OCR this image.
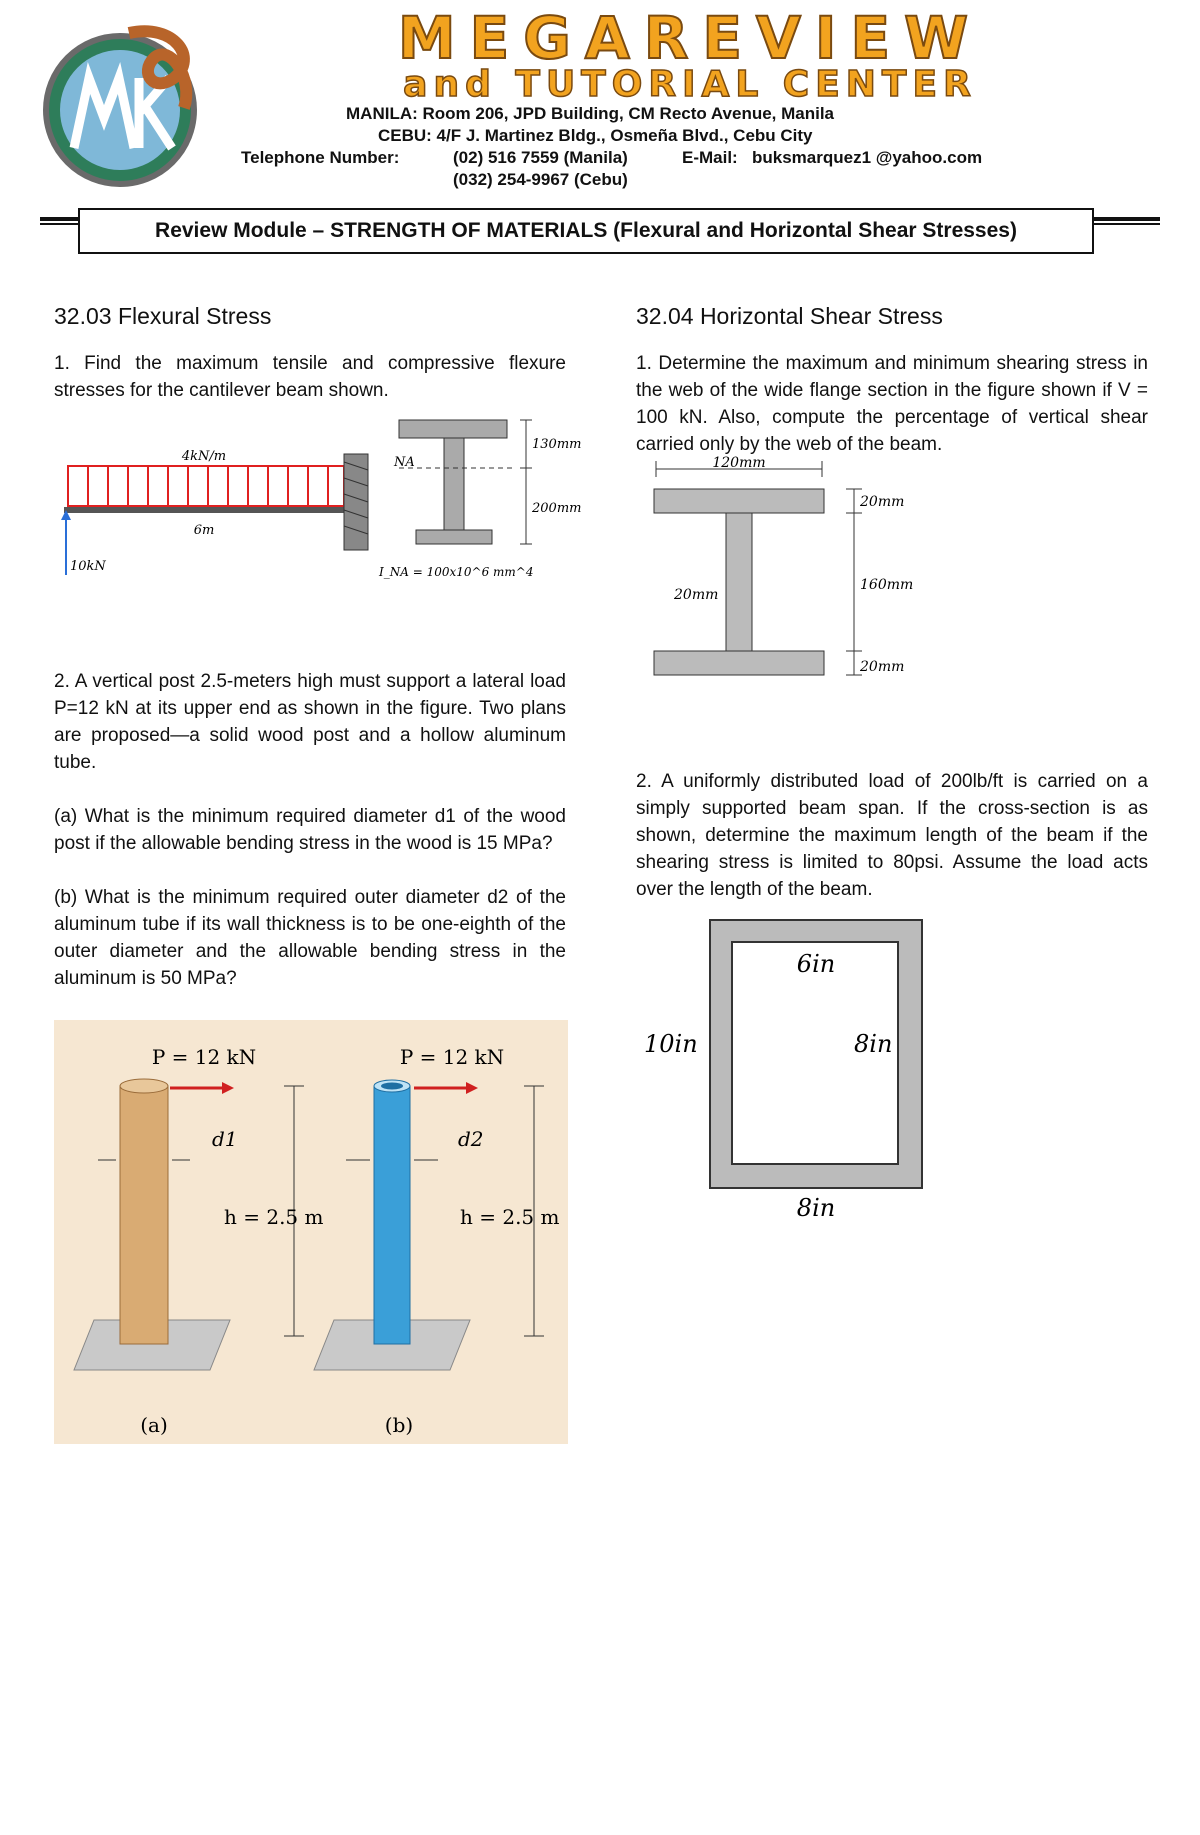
MEGAREVIEW
and TUTORIAL CENTER
MANILA: Room 206, JPD Building, CM Recto Avenue, Manila
CEBU: 4/F J. Martinez Bldg., Osmeña Blvd., Cebu City
Telephone Number:	(02) 516 7559 (Manila)	E-Mail: buksmarquez1 @yahoo.com
(032) 254-9967 (Cebu)
Review Module – STRENGTH OF MATERIALS (Flexural and Horizontal Shear Stresses)
32.03 Flexural Stress
1. Find the maximum tensile and compressive flexure stresses for the cantilever beam shown.
4kN/m
6m
10kN
NA
130mm
200mm
I_NA = 100x10^6 mm^4
2. A vertical post 2.5-meters high must support a lateral load P=12 kN at its upper end as shown in the figure. Two plans are proposed—a solid wood post and a hollow aluminum tube.
(a) What is the minimum required diameter d1 of the wood post if the allowable bending stress in the wood is 15 MPa?
(b) What is the minimum required outer diameter d2 of the aluminum tube if its wall thickness is to be one-eighth of the outer diameter and the allowable bending stress in the aluminum is 50 MPa?
P = 12 kN
d1
h = 2.5 m
(a)
P = 12 kN
d2
h = 2.5 m
(b)
32.04 Horizontal Shear Stress
1. Determine the maximum and minimum shearing stress in the web of the wide flange section in the figure shown if V = 100 kN. Also, compute the percentage of vertical shear carried only by the web of the beam.
120mm
20mm
160mm
20mm
20mm
2. A uniformly distributed load of 200lb/ft is carried on a simply supported beam span. If the cross-section is as shown, determine the maximum length of the beam if the shearing stress is limited to 80psi. Assume the load acts over the length of the beam.
6in
10in	8in
8in
